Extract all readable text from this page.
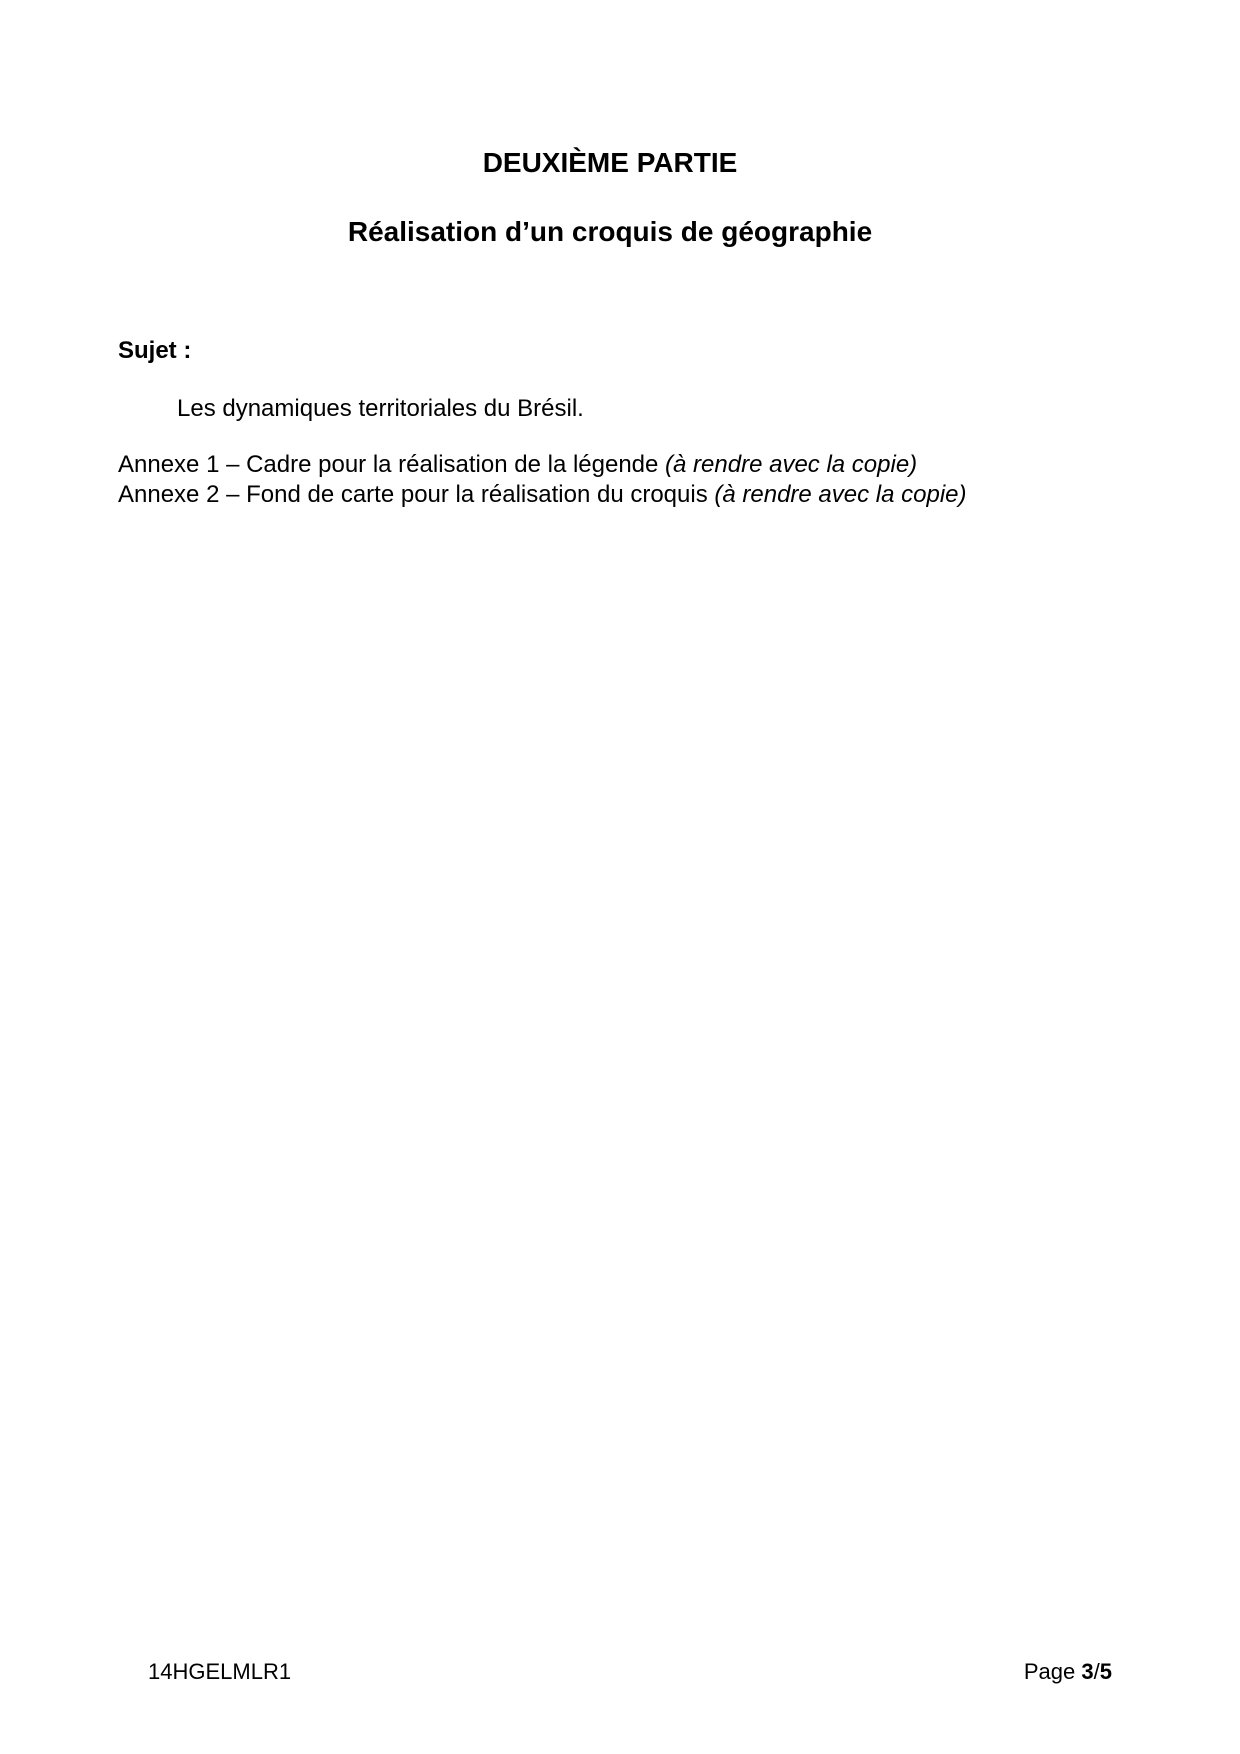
DEUXIÈME PARTIE
Réalisation d’un croquis de géographie
Sujet :
Les dynamiques territoriales du Brésil.
Annexe 1 – Cadre pour la réalisation de la légende (à rendre avec la copie)
Annexe 2 – Fond de carte pour la réalisation du croquis (à rendre avec la copie)
14HGELMLR1	Page 3/5
